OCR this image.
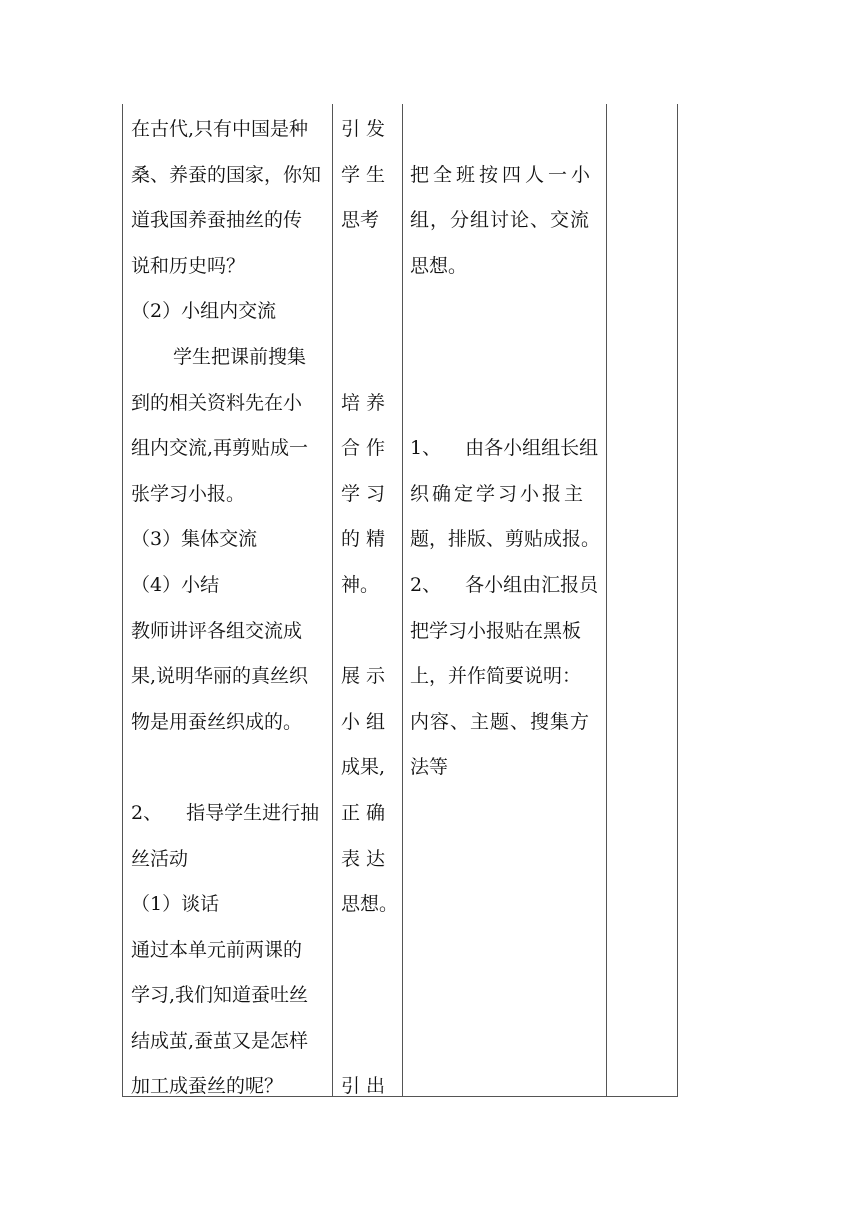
在古代,只有中国是种
桑、养蚕的国家，你知
道我国养蚕抽丝的传
说和历史吗？
（2）小组内交流
学生把课前搜集
到的相关资料先在小
组内交流,再剪贴成一
张学习小报。
（3）集体交流
（4）小结
教师讲评各组交流成
果,说明华丽的真丝织
物是用蚕丝织成的。
2、 指导学生进行抽
丝活动
（1）谈话
通过本单元前两课的
学习,我们知道蚕吐丝
结成茧,蚕茧又是怎样
加工成蚕丝的呢？
引 发
学 生
思考
培 养
合 作
学 习
的 精
神。
展 示
小 组
成果,
正 确
表 达
思想。
引 出
把全班按四人一小
组，分组讨论、交流
思想。
1、 由各小组组长组
织确定学习小报主
题，排版、剪贴成报。
2、 各小组由汇报员
把学习小报贴在黑板
上，并作简要说明：
内容、主题、搜集方
法等
